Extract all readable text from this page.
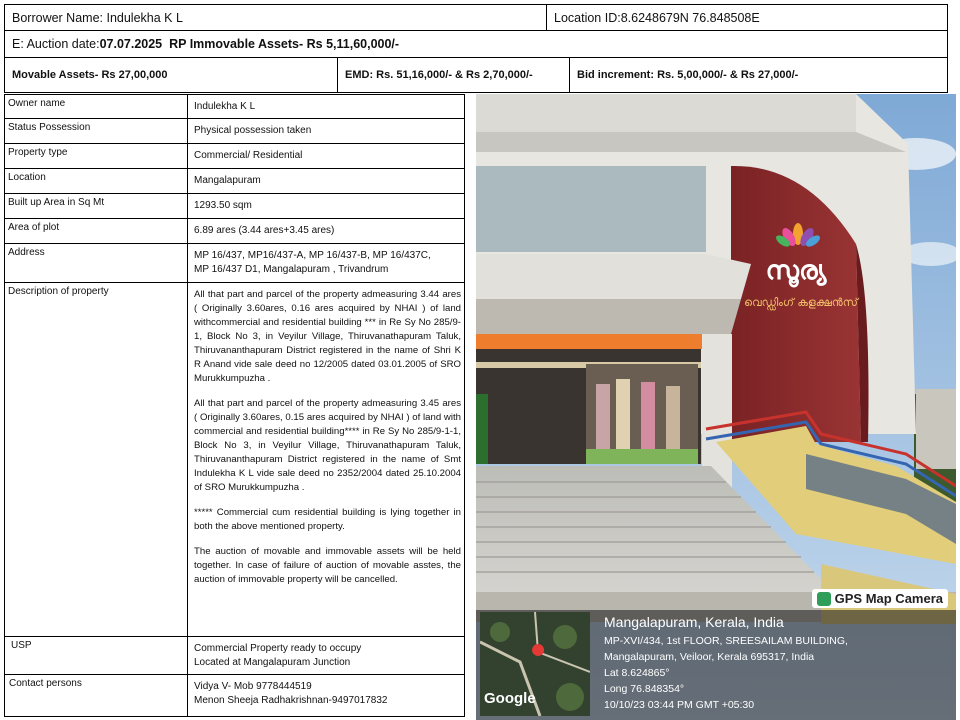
Borrower Name: Indulekha K L	Location ID:8.6248679N 76.848508E
E: Auction date: 07.07.2025
RP Immovable Assets- Rs 5,11,60,000/-
Movable Assets- Rs 27,00,000	EMD: Rs. 51,16,000/- & Rs 2,70,000/-	Bid increment: Rs. 5,00,000/- & Rs 27,000/-
Owner name	Indulekha K L
Status Possession	Physical possession taken
Property type	Commercial/ Residential
Location	Mangalapuram
Built up Area in Sq Mt	1293.50 sqm
Area of plot	6.89 ares (3.44 ares+3.45 ares)
Address	MP 16/437, MP16/437-A, MP 16/437-B, MP 16/437C,
MP 16/437 D1, Mangalapuram , Trivandrum

Description of property	All that part and parcel of the property admeasuring 3.44 ares ( Originally 3.60ares, 0.16 ares acquired by NHAI ) of land withcommercial and residential building *** in Re Sy No 285/9-1, Block No 3, in Veyilur Village, Thiruvanathapuram Taluk, Thiruvananthapuram District registered in the name of Shri K R Anand vide sale deed no 12/2005 dated 03.01.2005 of SRO Murukkumpuzha .

All that part and parcel of the property admeasuring 3.45 ares ( Originally 3.60ares, 0.15 ares acquired by NHAI ) of land with commercial and residential building**** in Re Sy No 285/9-1-1, Block No 3, in Veyilur Village, Thiruvanathapuram Taluk, Thiruvananthapuram District registered in the name of Smt Indulekha K L vide sale deed no 2352/2004 dated 25.10.2004 of SRO Murukkumpuzha .

***** Commercial cum residential building is lying together in both the above mentioned property.

The auction of movable and immovable assets will be held together. In case of failure of auction of movable asstes, the auction of immovable property will be cancelled.

USP	Commercial Property ready to occupy
Located at Mangalapuram Junction

Contact persons	Vidya V- Mob 9778444519
Menon Sheeja Radhakrishnan-9497017832
സൂര്യ
വെഡ്ഡിംഗ് കളക്ഷൻസ്
GPS Map Camera
Google
Mangalapuram, Kerala, India
MP-XVI/434, 1st FLOOR, SREESAILAM BUILDING,
Mangalapuram, Veiloor, Kerala 695317, India
Lat 8.624865°
Long 76.848354°
10/10/23 03:44 PM GMT +05:30
